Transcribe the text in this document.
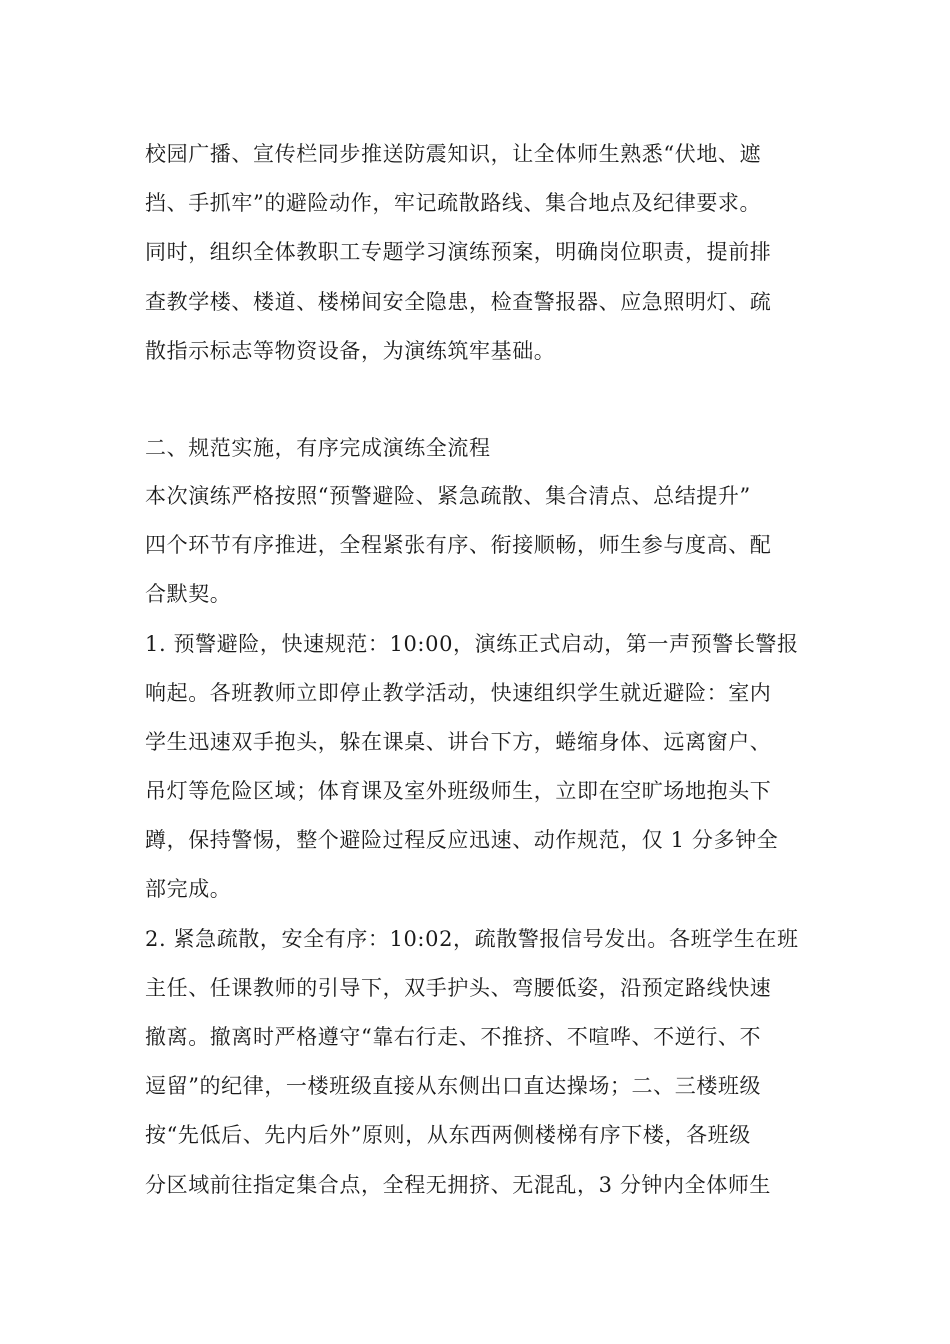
校园广播、宣传栏同步推送防震知识，让全体师生熟悉“伏地、遮
挡、手抓牢”的避险动作，牢记疏散路线、集合地点及纪律要求。
同时，组织全体教职工专题学习演练预案，明确岗位职责，提前排
查教学楼、楼道、楼梯间安全隐患，检查警报器、应急照明灯、疏
散指示标志等物资设备，为演练筑牢基础。
二、规范实施，有序完成演练全流程
本次演练严格按照“预警避险、紧急疏散、集合清点、总结提升”
四个环节有序推进，全程紧张有序、衔接顺畅，师生参与度高、配
合默契。
1. 预警避险，快速规范：10:00，演练正式启动，第一声预警长警报
响起。各班教师立即停止教学活动，快速组织学生就近避险：室内
学生迅速双手抱头，躲在课桌、讲台下方，蜷缩身体、远离窗户、
吊灯等危险区域；体育课及室外班级师生，立即在空旷场地抱头下
蹲，保持警惕，整个避险过程反应迅速、动作规范，仅 1 分多钟全
部完成。
2. 紧急疏散，安全有序：10:02，疏散警报信号发出。各班学生在班
主任、任课教师的引导下，双手护头、弯腰低姿，沿预定路线快速
撤离。撤离时严格遵守“靠右行走、不推挤、不喧哗、不逆行、不
逗留”的纪律，一楼班级直接从东侧出口直达操场；二、三楼班级
按“先低后、先内后外”原则，从东西两侧楼梯有序下楼，各班级
分区域前往指定集合点，全程无拥挤、无混乱，3 分钟内全体师生
